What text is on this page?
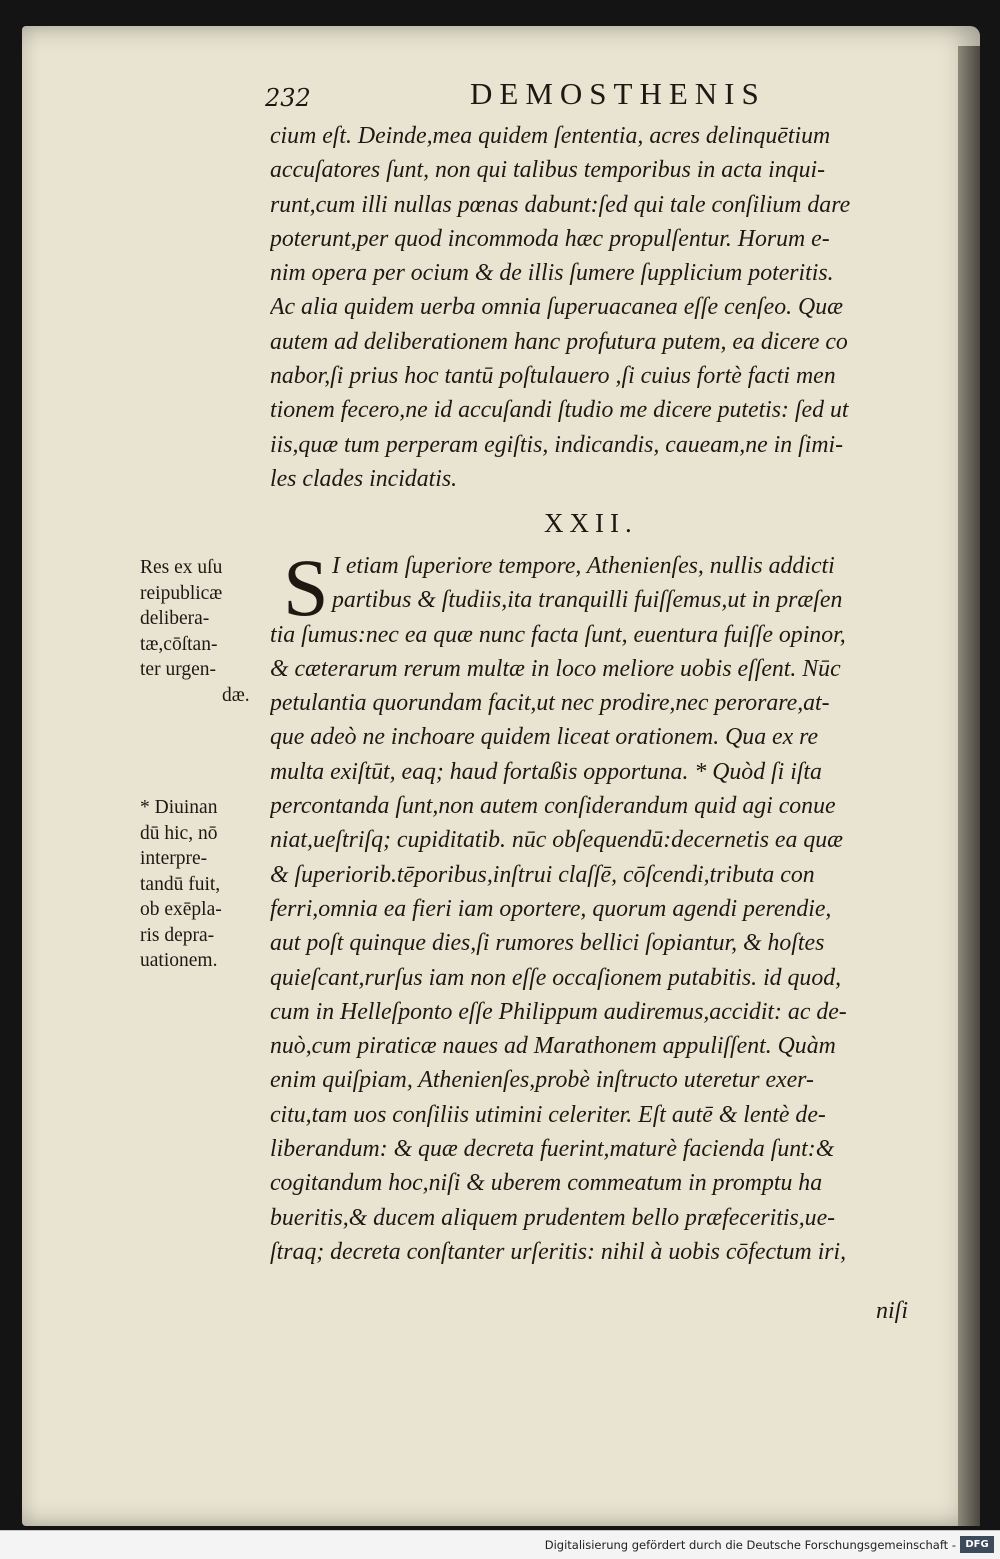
232	DEMOSTHENIS
cium eſt. Deinde,mea quidem ſententia, acres delinquētium
accuſatores ſunt, non qui talibus temporibus in acta inqui-
runt,cum illi nullas pœnas dabunt:ſed qui tale conſilium dare
poterunt,per quod incommoda hæc propulſentur. Horum e-
nim opera per ocium & de illis ſumere ſupplicium poteritis.
Ac alia quidem uerba omnia ſuperuacanea eſſe cenſeo. Quæ
autem ad deliberationem hanc profutura putem, ea dicere co
nabor,ſi prius hoc tantū poſtulauero ,ſi cuius fortè facti men
tionem fecero,ne id accuſandi ſtudio me dicere putetis: ſed ut
iis,quæ tum perperam egiſtis, indicandis, caueam,ne in ſimi-
les clades incidatis.
XXII.
S I etiam ſuperiore tempore, Athenienſes, nullis addicti
partibus & ſtudiis,ita tranquilli fuiſſemus,ut in præſen
tia ſumus:nec ea quæ nunc facta ſunt, euentura fuiſſe opinor,
& cæterarum rerum multæ in loco meliore uobis eſſent. Nūc
petulantia quorundam facit,ut nec prodire,nec perorare,at-
que adeò ne inchoare quidem liceat orationem. Qua ex re
multa exiſtūt, eaq; haud fortaßis opportuna. * Quòd ſi iſta
percontanda ſunt,non autem conſiderandum quid agi conue
niat,ueſtriſq; cupiditatib. nūc obſequendū:decernetis ea quæ
& ſuperiorib.tēporibus,inſtrui claſſē, cōſcendi,tributa con
ferri,omnia ea fieri iam oportere, quorum agendi perendie,
aut poſt quinque dies,ſi rumores bellici ſopiantur, & hoſtes
quieſcant,rurſus iam non eſſe occaſionem putabitis. id quod,
cum in Helleſponto eſſe Philippum audiremus,accidit: ac de-
nuò,cum piraticæ naues ad Marathonem appuliſſent. Quàm
enim quiſpiam, Athenienſes,probè inſtructo uteretur exer-
citu,tam uos conſiliis utimini celeriter. Eſt autē & lentè de-
liberandum: & quæ decreta fuerint,maturè facienda ſunt:&
cogitandum hoc,niſi & uberem commeatum in promptu ha
bueritis,& ducem aliquem prudentem bello præfeceritis,ue-
ſtraq; decreta conſtanter urſeritis: nihil à uobis cōfectum iri,
niſi
Res ex uſu
reipublicæ
delibera-
tæ,cōſtan-
ter urgen-
dæ.
* Diuinan
dū hic, nō
interpre-
tandū fuit,
ob exēpla-
ris depra-
uationem.
Digitalisierung gefördert durch die Deutsche Forschungsgemeinschaft - DFG
